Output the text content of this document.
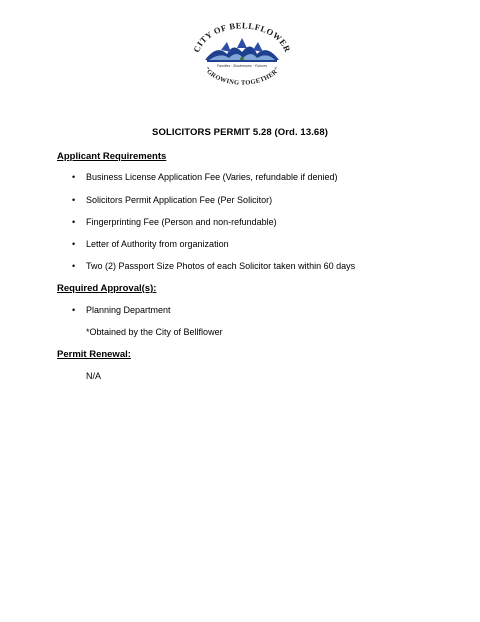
CITY OF BELLFLOWER
Families · Businesses · Futures
"GROWING TOGETHER"
SOLICITORS PERMIT 5.28 (Ord. 13.68)
Applicant Requirements
• Business License Application Fee (Varies, refundable if denied)
• Solicitors Permit Application Fee (Per Solicitor)
• Fingerprinting Fee (Person and non-refundable)
• Letter of Authority from organization
• Two (2) Passport Size Photos of each Solicitor taken within 60 days
Required Approval(s):
• Planning Department
*Obtained by the City of Bellflower
Permit Renewal:
N/A
